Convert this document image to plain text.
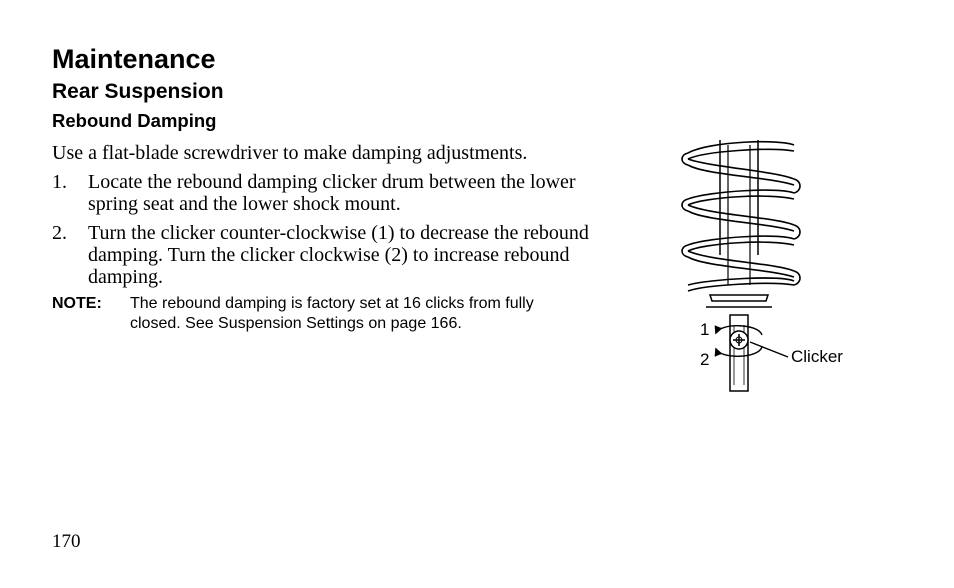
Maintenance
Rear Suspension
Rebound Damping

Use a flat-blade screwdriver to make damping adjustments.

1. Locate the rebound damping clicker drum between the lower spring seat and the lower shock mount.
2. Turn the clicker counter-clockwise (1) to decrease the rebound damping. Turn the clicker clockwise (2) to increase rebound damping.
NOTE: The rebound damping is factory set at 16 clicks from fully closed. See Suspension Settings on page 166.	1
2	Clicker
170
